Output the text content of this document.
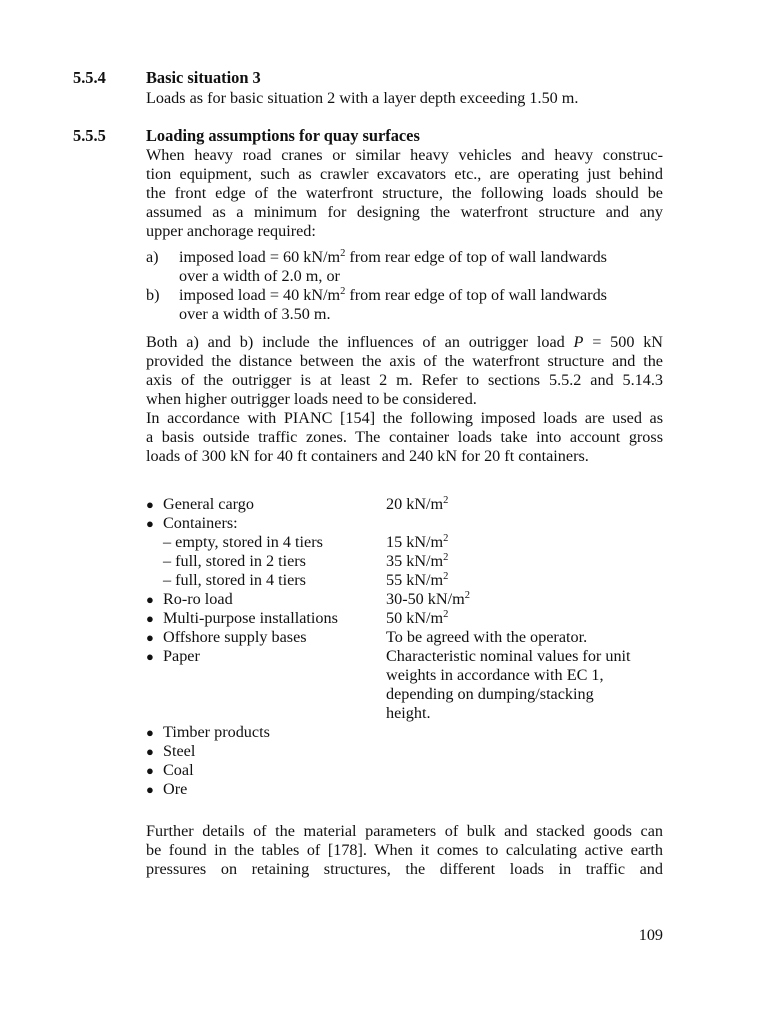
5.5.4	Basic situation 3
Loads as for basic situation 2 with a layer depth exceeding 1.50 m.
5.5.5	Loading assumptions for quay surfaces
When heavy road cranes or similar heavy vehicles and heavy construc-
tion equipment, such as crawler excavators etc., are operating just behind
the front edge of the waterfront structure, the following loads should be
assumed as a minimum for designing the waterfront structure and any
upper anchorage required:
a) imposed load = 60 $kN/m^2$ from rear edge of top of wall landwards
over a width of 2.0 m, or
b) imposed load = 40 $kN/m^2$ from rear edge of top of wall landwards
over a width of 3.50 m.
Both a) and b) include the influences of an outrigger load P = 500 kN
provided the distance between the axis of the waterfront structure and the
axis of the outrigger is at least 2 m. Refer to sections 5.5.2 and 5.14.3
when higher outrigger loads need to be considered.
In accordance with PIANC [154] the following imposed loads are used as
a basis outside traffic zones. The container loads take into account gross
loads of 300 kN for 40 ft containers and 240 kN for 20 ft containers.
● General cargo	20 $kN/m^2$
● Containers:
– empty, stored in 4 tiers	15 $kN/m^2$
– full, stored in 2 tiers	35 $kN/m^2$
– full, stored in 4 tiers	55 $kN/m^2$
● Ro-ro load	30-50 $kN/m^2$
● Multi-purpose installations	50 $kN/m^2$
● Offshore supply bases	To be agreed with the operator.
● Paper	Characteristic nominal values for unit
weights in accordance with EC 1,
depending on dumping/stacking
height.
● Timber products
● Steel
● Coal
● Ore
Further details of the material parameters of bulk and stacked goods can
be found in the tables of [178]. When it comes to calculating active earth
pressures on retaining structures, the different loads in traffic and
109
